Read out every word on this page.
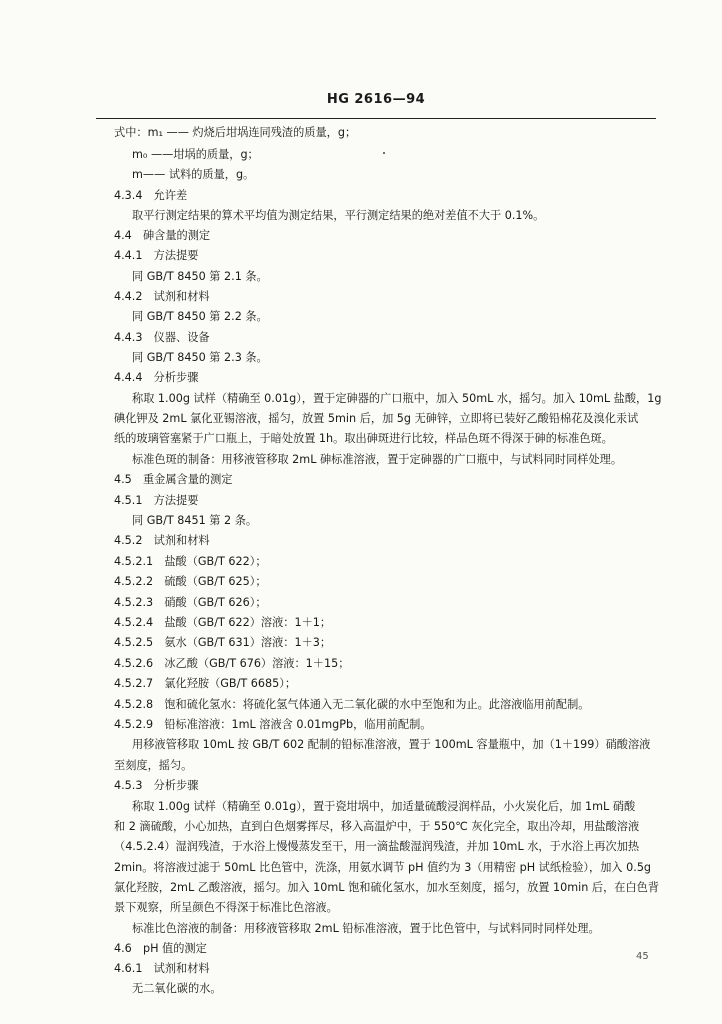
HG 2616—94
式中：m₁ —— 灼烧后坩埚连同残渣的质量，g；
m₀ ——坩埚的质量，g；
m—— 试料的质量，g。
4.3.4　允许差
取平行测定结果的算术平均值为测定结果，平行测定结果的绝对差值不大于 0.1%。
4.4　砷含量的测定
4.4.1　方法提要
同 GB/T 8450 第 2.1 条。
4.4.2　试剂和材料
同 GB/T 8450 第 2.2 条。
4.4.3　仪器、设备
同 GB/T 8450 第 2.3 条。
4.4.4　分析步骤
称取 1.00g 试样（精确至 0.01g），置于定砷器的广口瓶中，加入 50mL 水，摇匀。加入 10mL 盐酸，1g
碘化钾及 2mL 氯化亚锡溶液，摇匀，放置 5min 后，加 5g 无砷锌，立即将已装好乙酸铅棉花及溴化汞试
纸的玻璃管塞紧于广口瓶上，于暗处放置 1h。取出砷斑进行比较，样品色斑不得深于砷的标准色斑。
标准色斑的制备：用移液管移取 2mL 砷标准溶液，置于定砷器的广口瓶中，与试料同时同样处理。
4.5　重金属含量的测定
4.5.1　方法提要
同 GB/T 8451 第 2 条。
4.5.2　试剂和材料
4.5.2.1　盐酸（GB/T 622）；
4.5.2.2　硫酸（GB/T 625）；
4.5.2.3　硝酸（GB/T 626）；
4.5.2.4　盐酸（GB/T 622）溶液：1＋1；
4.5.2.5　氨水（GB/T 631）溶液：1＋3；
4.5.2.6　冰乙酸（GB/T 676）溶液：1＋15；
4.5.2.7　氯化羟胺（GB/T 6685）；
4.5.2.8　饱和硫化氢水：将硫化氢气体通入无二氧化碳的水中至饱和为止。此溶液临用前配制。
4.5.2.9　铅标准溶液：1mL 溶液含 0.01mgPb，临用前配制。
用移液管移取 10mL 按 GB/T 602 配制的铅标准溶液，置于 100mL 容量瓶中，加（1＋199）硝酸溶液
至刻度，摇匀。
4.5.3　分析步骤
称取 1.00g 试样（精确至 0.01g），置于瓷坩埚中，加适量硫酸浸润样品，小火炭化后，加 1mL 硝酸
和 2 滴硫酸，小心加热，直到白色烟雾挥尽，移入高温炉中，于 550℃ 灰化完全，取出冷却，用盐酸溶液
（4.5.2.4）湿润残渣，于水浴上慢慢蒸发至干，用一滴盐酸湿润残渣，并加 10mL 水，于水浴上再次加热
2min。将溶液过滤于 50mL 比色管中，洗涤，用氨水调节 pH 值约为 3（用精密 pH 试纸检验），加入 0.5g
氯化羟胺，2mL 乙酸溶液，摇匀。加入 10mL 饱和硫化氢水，加水至刻度，摇匀，放置 10min 后，在白色背
景下观察，所呈颜色不得深于标准比色溶液。
标准比色溶液的制备：用移液管移取 2mL 铅标准溶液，置于比色管中，与试料同时同样处理。
4.6　pH 值的测定
4.6.1　试剂和材料
无二氧化碳的水。
45
